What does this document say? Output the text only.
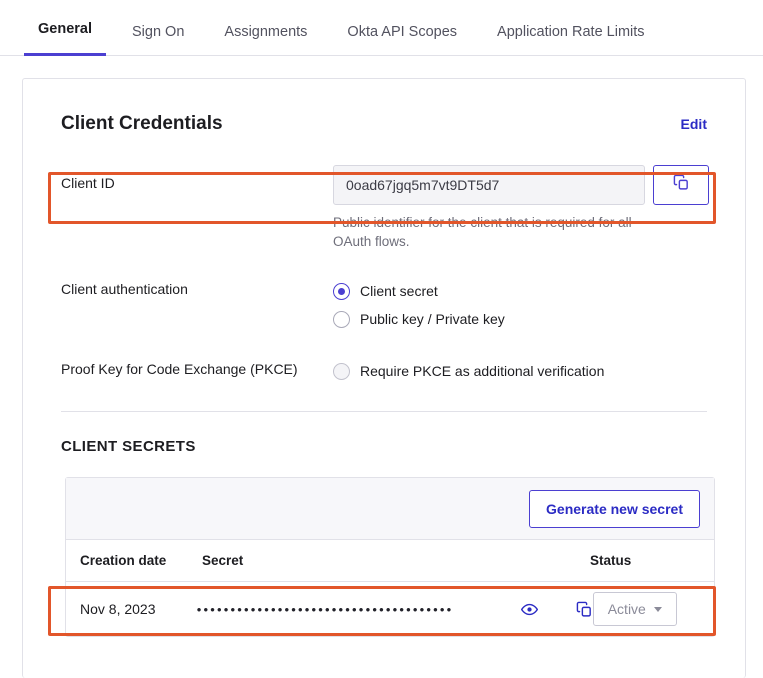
General	Sign On	Assignments	Okta API Scopes	Application Rate Limits
Client Credentials	Edit
Client ID	0oad67jgq5m7vt9DT5d7
Public identifier for the client that is required for all OAuth flows.
Client authentication	Client secret
Public key / Private key
Proof Key for Code Exchange (PKCE)	Require PKCE as additional verification
CLIENT SECRETS
Generate new secret
Creation date	Secret	Status
Nov 8, 2023	••••••••••••••••••••••••••••••••••••••	Active
